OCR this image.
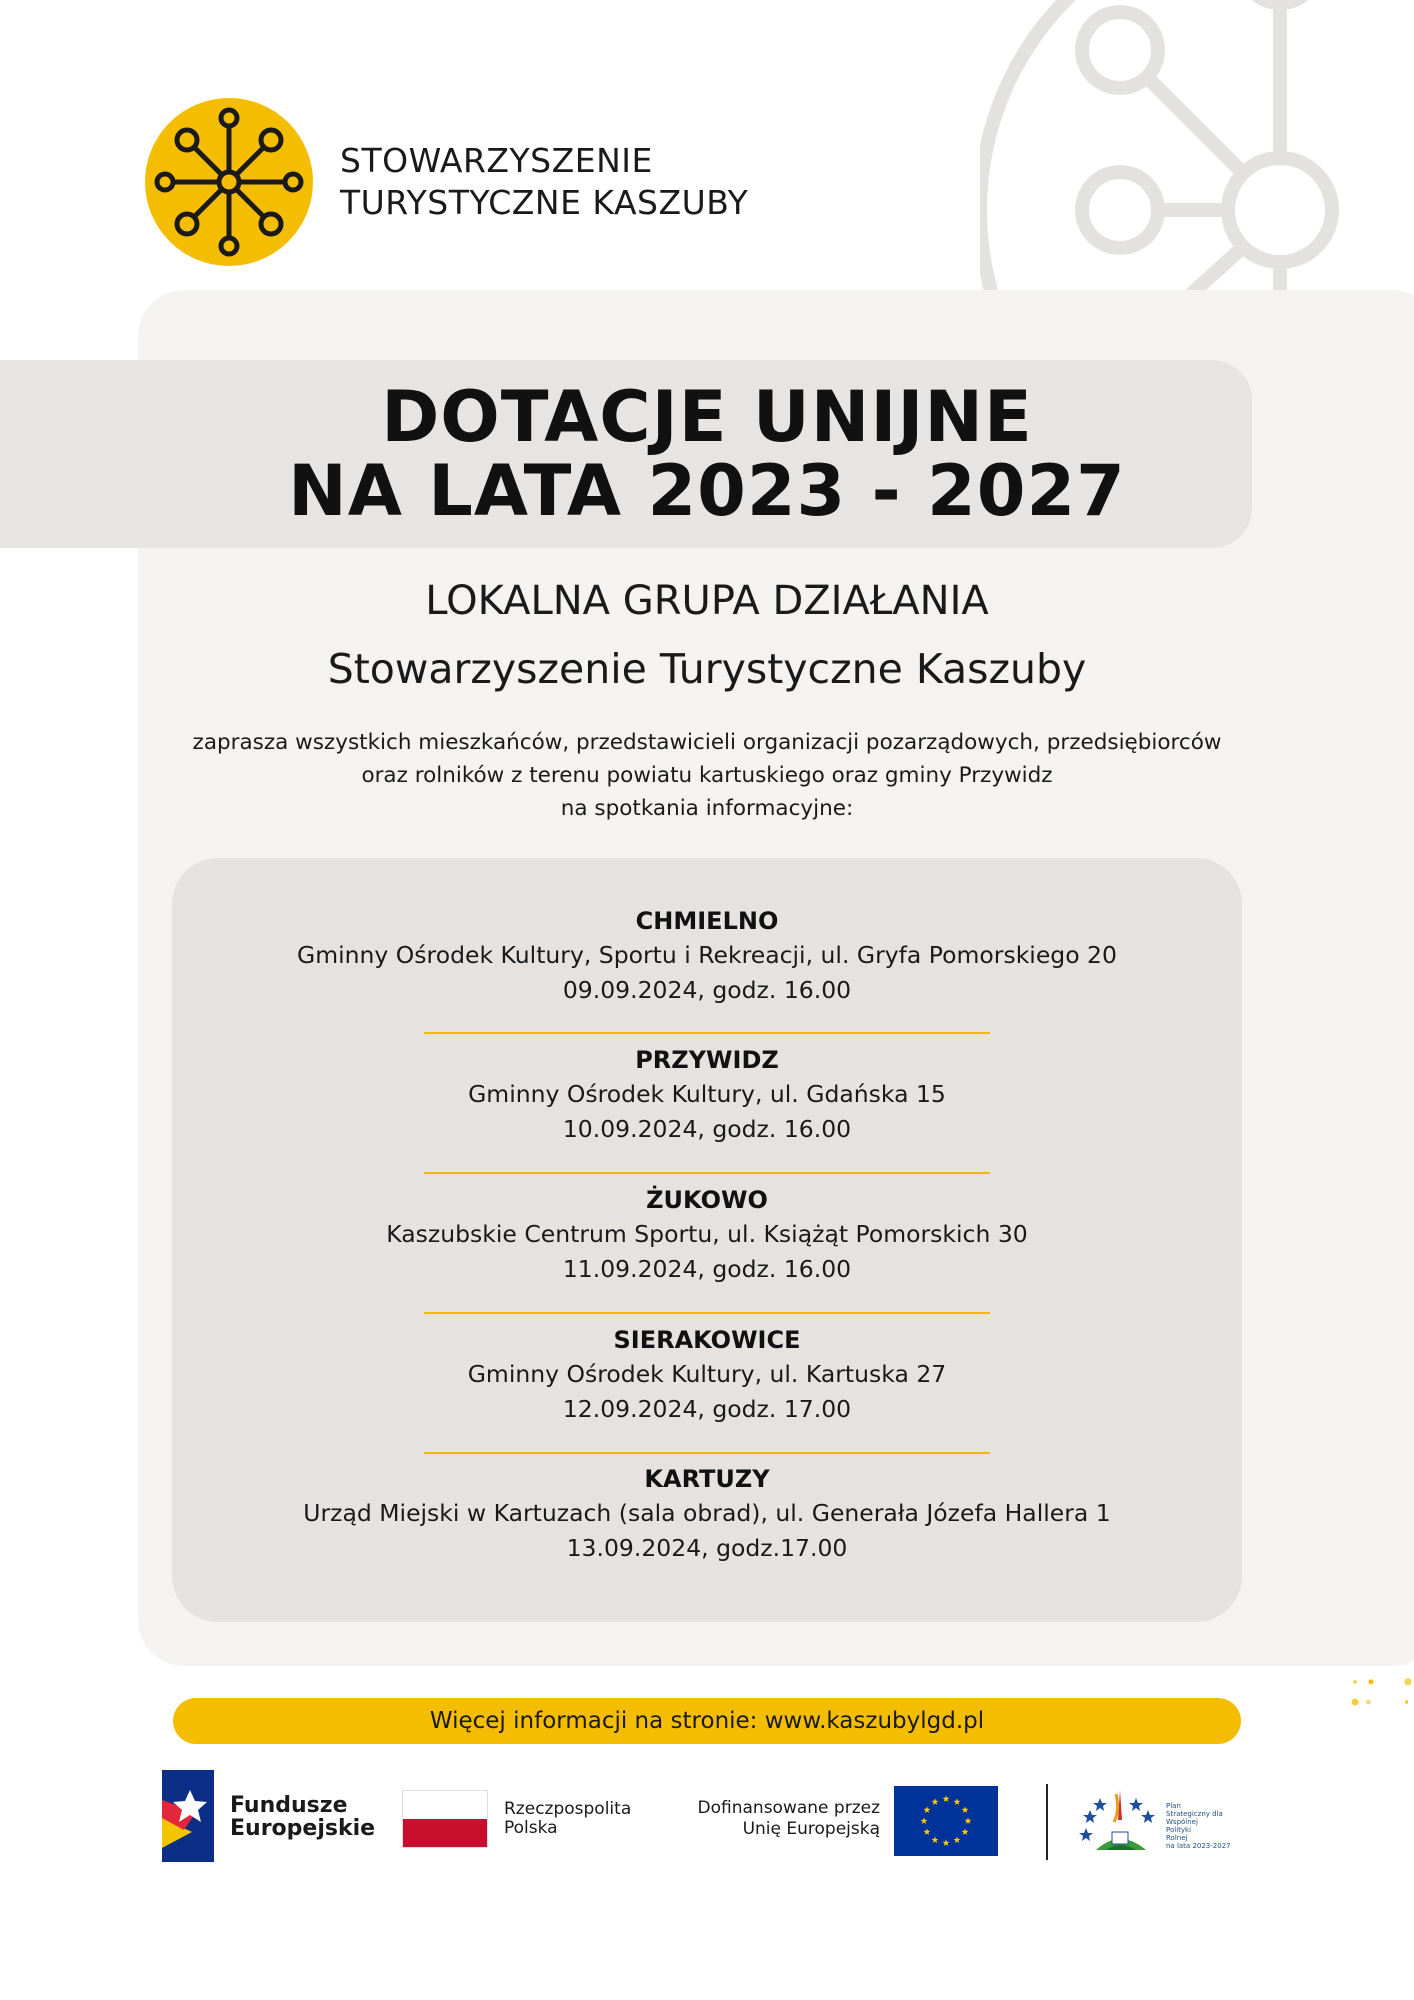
STOWARZYSZENIE
TURYSTYCZNE KASZUBY
DOTACJE UNIJNE
NA LATA 2023 - 2027
LOKALNA GRUPA DZIAŁANIA
Stowarzyszenie Turystyczne Kaszuby
zaprasza wszystkich mieszkańców, przedstawicieli organizacji pozarządowych, przedsiębiorców
oraz rolników z terenu powiatu kartuskiego oraz gminy Przywidz
na spotkania informacyjne:
CHMIELNO
Gminny Ośrodek Kultury, Sportu i Rekreacji, ul. Gryfa Pomorskiego 20
09.09.2024, godz. 16.00
PRZYWIDZ
Gminny Ośrodek Kultury, ul. Gdańska 15
10.09.2024, godz. 16.00
ŻUKOWO
Kaszubskie Centrum Sportu, ul. Książąt Pomorskich 30
11.09.2024, godz. 16.00
SIERAKOWICE
Gminny Ośrodek Kultury, ul. Kartuska 27
12.09.2024, godz. 17.00
KARTUZY
Urząd Miejski w Kartuzach (sala obrad), ul. Generała Józefa Hallera 1
13.09.2024, godz.17.00
Więcej informacji na stronie: www.kaszubylgd.pl
Fundusze
Europejskie
Rzeczpospolita
Polska
Dofinansowane przez
Unię Europejską
Plan
Strategiczny dla
Wspólnej
Polityki
Rolnej
na lata 2023-2027
